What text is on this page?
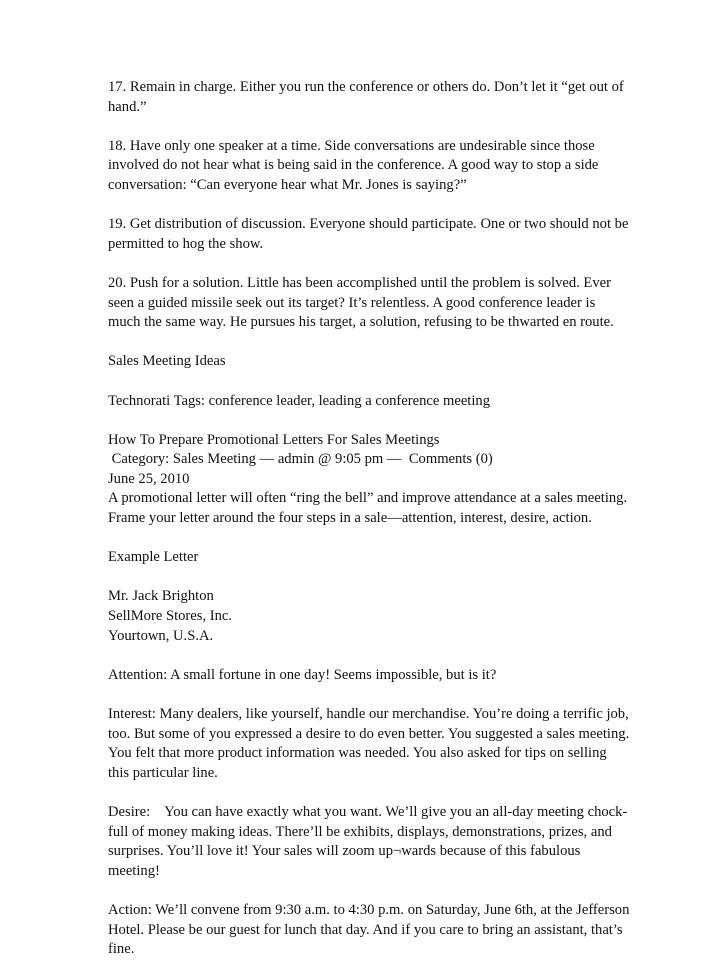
17. Remain in charge. Either you run the conference or others do. Don’t let it “get out of
hand.”

18. Have only one speaker at a time. Side conversations are undesirable since those
involved do not hear what is being said in the conference. A good way to stop a side
conversation: “Can everyone hear what Mr. Jones is saying?”

19. Get distribution of discussion. Everyone should participate. One or two should not be
permitted to hog the show.

20. Push for a solution. Little has been accomplished until the problem is solved. Ever
seen a guided missile seek out its target? It’s relentless. A good conference leader is
much the same way. He pursues his target, a solution, refusing to be thwarted en route.

Sales Meeting Ideas

Technorati Tags: conference leader, leading a conference meeting

How To Prepare Promotional Letters For Sales Meetings
Category: Sales Meeting — admin @ 9:05 pm —  Comments (0)
June 25, 2010
A promotional letter will often “ring the bell” and improve attendance at a sales meeting.
Frame your letter around the four steps in a sale—attention, interest, desire, action.

Example Letter

Mr. Jack Brighton
SellMore Stores, Inc.
Yourtown, U.S.A.

Attention: A small fortune in one day! Seems impossible, but is it?

Interest: Many dealers, like yourself, handle our merchandise. You’re doing a terrific job,
too. But some of you expressed a desire to do even better. You suggested a sales meeting.
You felt that more product information was needed. You also asked for tips on selling
this particular line.

Desire:    You can have exactly what you want. We’ll give you an all-day meeting chock-
full of money making ideas. There’ll be exhibits, displays, demonstrations, prizes, and
surprises. You’ll love it! Your sales will zoom up¬wards because of this fabulous
meeting!

Action: We’ll convene from 9:30 a.m. to 4:30 p.m. on Saturday, June 6th, at the Jefferson
Hotel. Please be our guest for lunch that day. And if you care to bring an assistant, that’s
fine.
